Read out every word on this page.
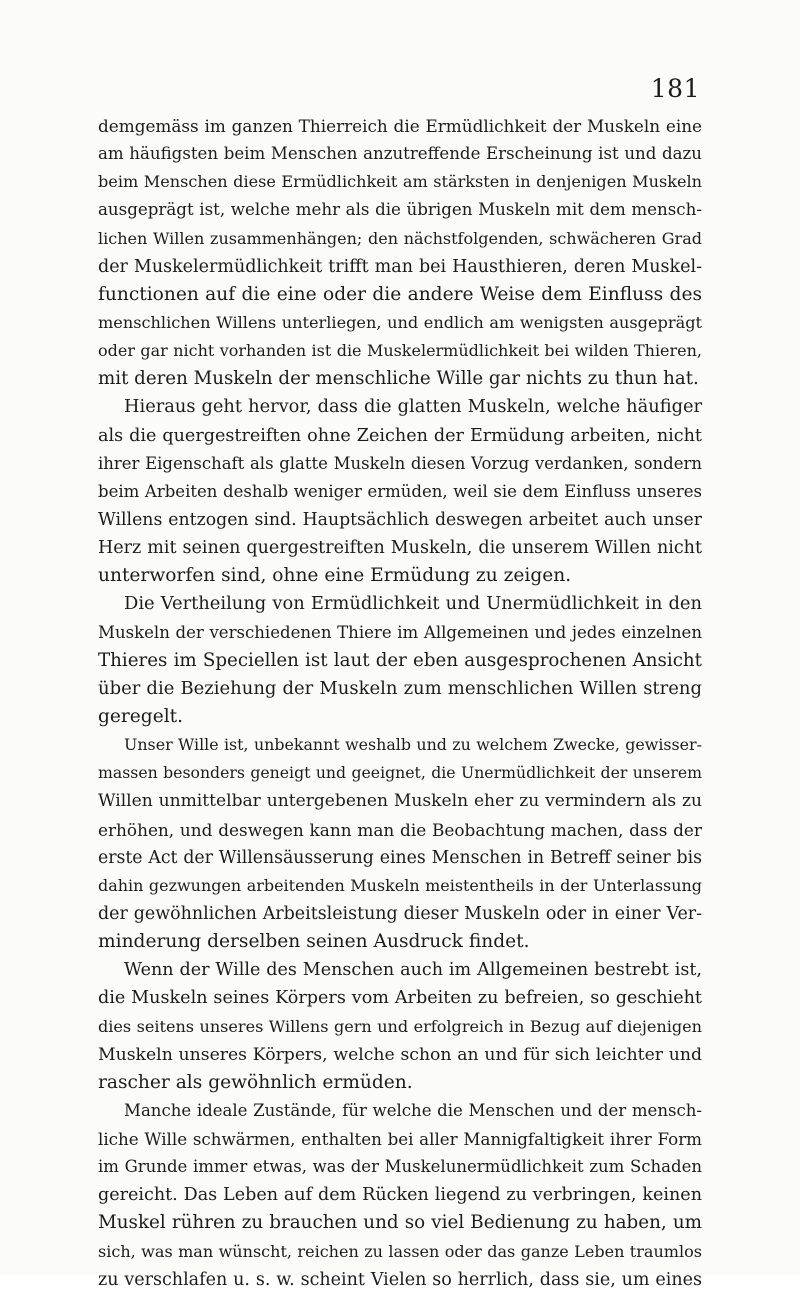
181
demgemäss im ganzen Thierreich die Ermüdlichkeit der Muskeln eine
am häufigsten beim Menschen anzutreffende Erscheinung ist und dazu
beim Menschen diese Ermüdlichkeit am stärksten in denjenigen Muskeln
ausgeprägt ist, welche mehr als die übrigen Muskeln mit dem mensch-
lichen Willen zusammenhängen; den nächstfolgenden, schwächeren Grad
der Muskelermüdlichkeit trifft man bei Hausthieren, deren Muskel-
functionen auf die eine oder die andere Weise dem Einfluss des
menschlichen Willens unterliegen, und endlich am wenigsten ausgeprägt
oder gar nicht vorhanden ist die Muskelermüdlichkeit bei wilden Thieren,
mit deren Muskeln der menschliche Wille gar nichts zu thun hat.
Hieraus geht hervor, dass die glatten Muskeln, welche häufiger
als die quergestreiften ohne Zeichen der Ermüdung arbeiten, nicht
ihrer Eigenschaft als glatte Muskeln diesen Vorzug verdanken, sondern
beim Arbeiten deshalb weniger ermüden, weil sie dem Einfluss unseres
Willens entzogen sind. Hauptsächlich deswegen arbeitet auch unser
Herz mit seinen quergestreiften Muskeln, die unserem Willen nicht
unterworfen sind, ohne eine Ermüdung zu zeigen.
Die Vertheilung von Ermüdlichkeit und Unermüdlichkeit in den
Muskeln der verschiedenen Thiere im Allgemeinen und jedes einzelnen
Thieres im Speciellen ist laut der eben ausgesprochenen Ansicht
über die Beziehung der Muskeln zum menschlichen Willen streng
geregelt.
Unser Wille ist, unbekannt weshalb und zu welchem Zwecke, gewisser-
massen besonders geneigt und geeignet, die Unermüdlichkeit der unserem
Willen unmittelbar untergebenen Muskeln eher zu vermindern als zu
erhöhen, und deswegen kann man die Beobachtung machen, dass der
erste Act der Willensäusserung eines Menschen in Betreff seiner bis
dahin gezwungen arbeitenden Muskeln meistentheils in der Unterlassung
der gewöhnlichen Arbeitsleistung dieser Muskeln oder in einer Ver-
minderung derselben seinen Ausdruck findet.
Wenn der Wille des Menschen auch im Allgemeinen bestrebt ist,
die Muskeln seines Körpers vom Arbeiten zu befreien, so geschieht
dies seitens unseres Willens gern und erfolgreich in Bezug auf diejenigen
Muskeln unseres Körpers, welche schon an und für sich leichter und
rascher als gewöhnlich ermüden.
Manche ideale Zustände, für welche die Menschen und der mensch-
liche Wille schwärmen, enthalten bei aller Mannigfaltigkeit ihrer Form
im Grunde immer etwas, was der Muskelunermüdlichkeit zum Schaden
gereicht. Das Leben auf dem Rücken liegend zu verbringen, keinen
Muskel rühren zu brauchen und so viel Bedienung zu haben, um
sich, was man wünscht, reichen zu lassen oder das ganze Leben traumlos
zu verschlafen u. s. w. scheint Vielen so herrlich, dass sie, um eines
